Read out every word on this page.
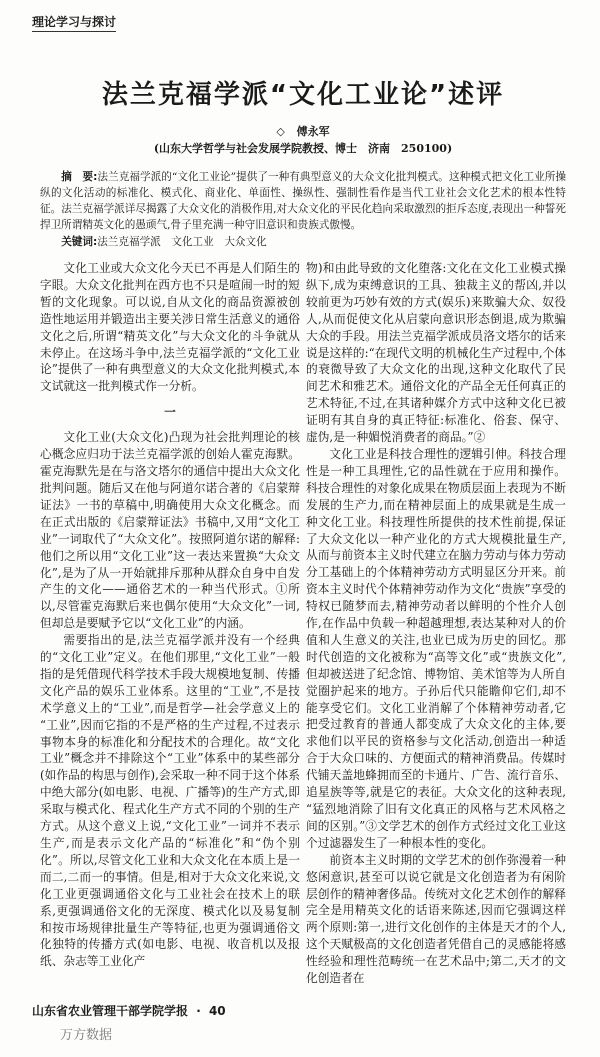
理论学习与探讨
法兰克福学派“文化工业论”述评
◇ 傅永军
(山东大学哲学与社会发展学院教授、博士　济南　250100)
摘　要:法兰克福学派的“文化工业论”提供了一种有典型意义的大众文化批判模式。这种模式把文化工业所操纵的文化活动的标准化、模式化、商业化、单面性、操纵性、强制性看作是当代工业社会文化艺术的根本性特征。法兰克福学派详尽揭露了大众文化的消极作用,对大众文化的平民化趋向采取激烈的拒斥态度,表现出一种誓死捍卫所谓精英文化的愚顽气,骨子里充满一种守旧意识和贵族式傲慢。
关键词:法兰克福学派　文化工业　大众文化

文化工业或大众文化今天已不再是人们陌生的字眼。大众文化批判在西方也不只是喧闹一时的短暂的文化现象。可以说,自从文化的商品资源被创造性地运用并锻造出主要关涉日常生活意义的通俗文化之后,所谓“精英文化”与大众文化的斗争就从未停止。在这场斗争中,法兰克福学派的“文化工业论”提供了一种有典型意义的大众文化批判模式,本文试就这一批判模式作一分析。

一

文化工业(大众文化)凸现为社会批判理论的核心概念应归功于法兰克福学派的创始人霍克海默。霍克海默先是在与洛文塔尔的通信中提出大众文化批判问题。随后又在他与阿道尔诺合著的《启蒙辩证法》一书的草稿中,明确使用大众文化概念。而在正式出版的《启蒙辩证法》书稿中,又用“文化工业”一词取代了“大众文化”。按照阿道尔诺的解释:他们之所以用“文化工业”这一表达来置换“大众文化”,是为了从一开始就排斥那种从群众自身中自发产生的文化——通俗艺术的一种当代形式。①所以,尽管霍克海默后来也偶尔使用“大众文化”一词,但却总是要赋予它以“文化工业”的内涵。

需要指出的是,法兰克福学派并没有一个经典的“文化工业”定义。在他们那里,“文化工业”一般指的是凭借现代科学技术手段大规模地复制、传播文化产品的娱乐工业体系。这里的“工业”,不是技术学意义上的“工业”,而是哲学—社会学意义上的“工业”,因而它指的不是严格的生产过程,不过表示事物本身的标准化和分配技术的合理化。故“文化工业”概念并不排除这个“工业”体系中的某些部分(如作品的构思与创作),会采取一种不同于这个体系中绝大部分(如电影、电视、广播等)的生产方式,即采取与模式化、程式化生产方式不同的个别的生产方式。从这个意义上说,“文化工业”一词并不表示生产,而是表示文化产品的“标准化”和“伪个别化”。所以,尽管文化工业和大众文化在本质上是一而二,二而一的事情。但是,相对于大众文化来说,文化工业更强调通俗文化与工业社会在技术上的联系,更强调通俗文化的无深度、模式化以及易复制和按市场规律批量生产等特征,也更为强调通俗文化独特的传播方式(如电影、电视、收音机以及报纸、杂志等工业化产

物)和由此导致的文化堕落:文化在文化工业模式操纵下,成为束缚意识的工具、独裁主义的帮凶,并以较前更为巧妙有效的方式(娱乐)来欺骗大众、奴役人,从而促使文化从启蒙向意识形态倒退,成为欺骗大众的手段。用法兰克福学派成员洛文塔尔的话来说是这样的:“在现代文明的机械化生产过程中,个体的衰微导致了大众文化的出现,这种文化取代了民间艺术和雅艺术。通俗文化的产品全无任何真正的艺术特征,不过,在其诸种媒介方式中这种文化已被证明有其自身的真正特征:标准化、俗套、保守、虚伪,是一种媚悦消费者的商品。”②

文化工业是科技合理性的逻辑引伸。科技合理性是一种工具理性,它的品性就在于应用和操作。科技合理性的对象化成果在物质层面上表现为不断发展的生产力,而在精神层面上的成果就是生成一种文化工业。科技理性所提供的技术性前提,保证了大众文化以一种产业化的方式大规模批量生产,从而与前资本主义时代建立在脑力劳动与体力劳动分工基础上的个体精神劳动方式明显区分开来。前资本主义时代个体精神劳动作为文化“贵族”享受的特权已随梦而去,精神劳动者以鲜明的个性介人创作,在作品中负载一种超越理想,表达某种对人的价值和人生意义的关注,也业已成为历史的回忆。那时代创造的文化被称为“高等文化”或“贵族文化”,但却被送进了纪念馆、博物馆、美术馆等为人所自觉圈护起来的地方。子孙后代只能瞻仰它们,却不能享受它们。文化工业消解了个体精神劳动者,它把受过教育的普通人都变成了大众文化的主体,要求他们以平民的资格参与文化活动,创造出一种适合于大众口味的、方便面式的精神消费品。传媒时代铺天盖地蜂拥而至的卡通片、广告、流行音乐、追星族等等,就是它的表征。大众文化的这种表现,“猛烈地消除了旧有文化真正的风格与艺术风格之间的区别。”③文学艺术的创作方式经过文化工业这个过滤器发生了一种根本性的变化。

前资本主义时期的文学艺术的创作弥漫着一种悠闲意识,甚至可以说它就是文化创造者为有闲阶层创作的精神奢侈品。传统对文化艺术创作的解释完全是用精英文化的话语来陈述,因而它强调这样两个原则:第一,进行文化创作的主体是天才的个人,这个天赋极高的文化创造者凭借自己的灵感能将感性经验和理性范畴统一在艺术品中;第二,天才的文化创造者在

山东省农业管理干部学院学报 · 40
万方数据
